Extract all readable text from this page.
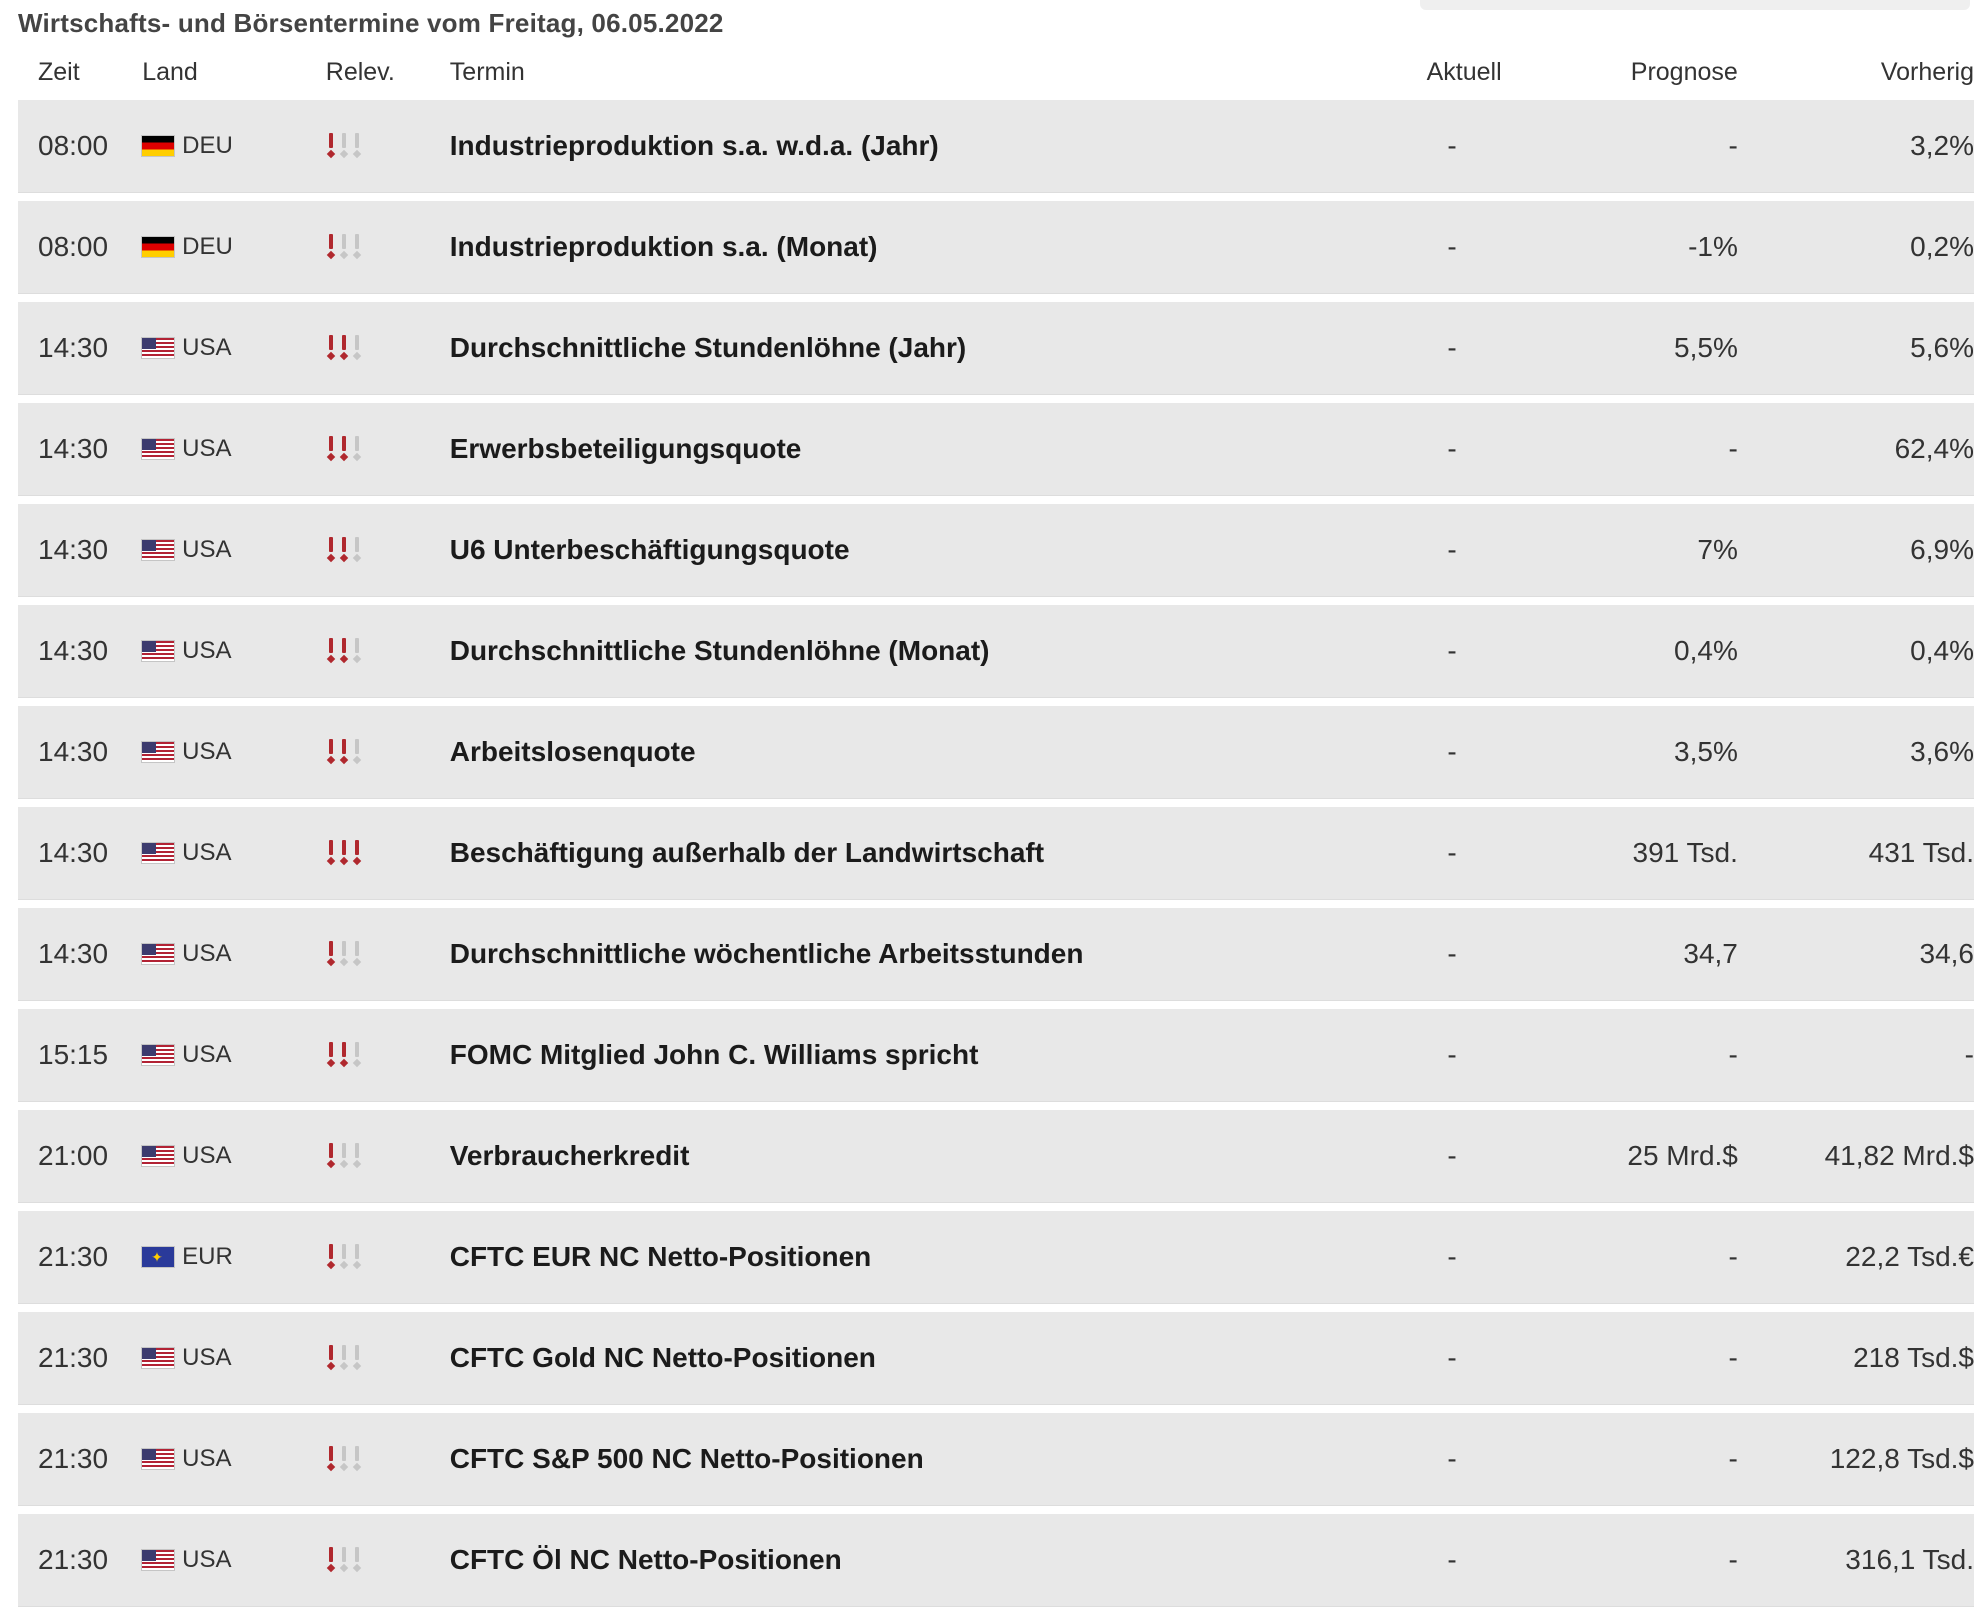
Wirtschafts- und Börsentermine vom Freitag, 06.05.2022
Zeit	Land	Relev.	Termin	Aktuell	Prognose	Vorherig
08:00	DEU	Industrieproduktion s.a. w.d.a. (Jahr)	-	-	3,2%
08:00	DEU	Industrieproduktion s.a. (Monat)	-	-1%	0,2%
14:30	USA	Durchschnittliche Stundenlöhne (Jahr)	-	5,5%	5,6%
14:30	USA	Erwerbsbeteiligungsquote	-	-	62,4%
14:30	USA	U6 Unterbeschäftigungsquote	-	7%	6,9%
14:30	USA	Durchschnittliche Stundenlöhne (Monat)	-	0,4%	0,4%
14:30	USA	Arbeitslosenquote	-	3,5%	3,6%
14:30	USA	Beschäftigung außerhalb der Landwirtschaft	-	391 Tsd.	431 Tsd.
14:30	USA	Durchschnittliche wöchentliche Arbeitsstunden	-	34,7	34,6
15:15	USA	FOMC Mitglied John C. Williams spricht	-	-	-
21:00	USA	Verbraucherkredit	-	25 Mrd.$	41,82 Mrd.$
21:30
✦	EUR	CFTC EUR NC Netto-Positionen	-	-	22,2 Tsd.€
21:30	USA	CFTC Gold NC Netto-Positionen	-	-	218 Tsd.$
21:30	USA	CFTC S&P 500 NC Netto-Positionen	-	-	122,8 Tsd.$
21:30	USA	CFTC Öl NC Netto-Positionen	-	-	316,1 Tsd.
